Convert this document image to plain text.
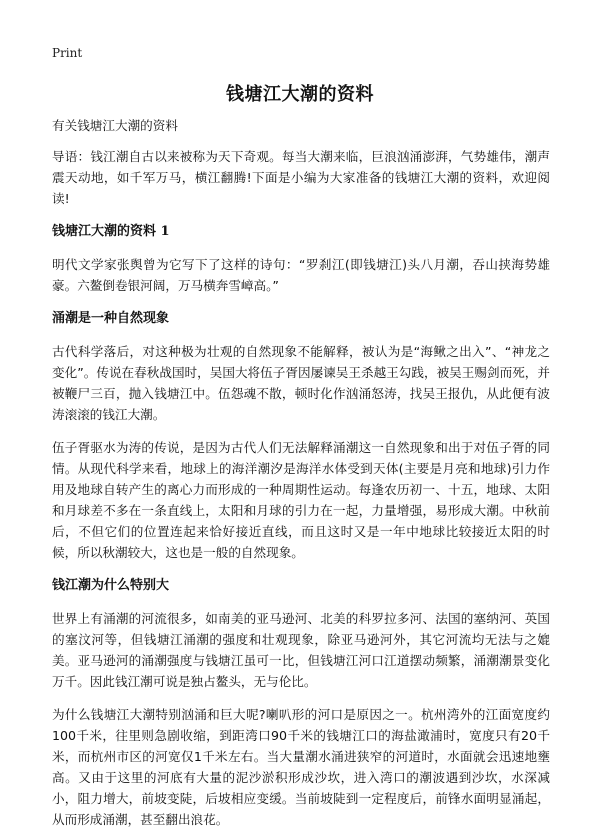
Print
钱塘江大潮的资料

有关钱塘江大潮的资料

导语：钱江潮自古以来被称为天下奇观。每当大潮来临，巨浪汹涌澎湃，气势雄伟，潮声震天动地，如千军万马，横江翻腾!下面是小编为大家准备的钱塘江大潮的资料，欢迎阅读!

钱塘江大潮的资料 1

明代文学家张舆曾为它写下了这样的诗句：“罗刹江(即钱塘江)头八月潮，吞山挟海势雄豪。六鳌倒卷银河阔，万马横奔雪嶂高。”

涌潮是一种自然现象

古代科学落后，对这种极为壮观的自然现象不能解释，被认为是“海鳅之出入”、“神龙之变化”。传说在春秋战国时，吴国大将伍子胥因屡谏吴王杀越王勾践，被吴王赐剑而死，并被鞭尸三百，抛入钱塘江中。伍怨魂不散，顿时化作汹涌怒涛，找吴王报仇，从此便有波涛滚滚的钱江大潮。

伍子胥驱水为涛的传说，是因为古代人们无法解释涌潮这一自然现象和出于对伍子胥的同情。从现代科学来看，地球上的海洋潮汐是海洋水体受到天体(主要是月亮和地球)引力作用及地球自转产生的离心力而形成的一种周期性运动。每逢农历初一、十五，地球、太阳和月球差不多在一条直线上，太阳和月球的引力在一起，力量增强，易形成大潮。中秋前后，不但它们的位置连起来恰好接近直线，而且这时又是一年中地球比较接近太阳的时候，所以秋潮较大，这也是一般的自然现象。

钱江潮为什么特别大

世界上有涌潮的河流很多，如南美的亚马逊河、北美的科罗拉多河、法国的塞纳河、英国的塞汶河等，但钱塘江涌潮的强度和壮观现象，除亚马逊河外，其它河流均无法与之媲美。亚马逊河的涌潮强度与钱塘江虽可一比，但钱塘江河口江道摆动频繁，涌潮潮景变化万千。因此钱江潮可说是独占鳌头，无与伦比。

为什么钱塘江大潮特别汹涌和巨大呢?喇叭形的河口是原因之一。杭州湾外的江面宽度约100千米，往里则急剧收缩，到距湾口90千米的钱塘江口的海盐澉浦时，宽度只有20千米，而杭州市区的河宽仅1千米左右。当大量潮水涌进狭窄的河道时，水面就会迅速地壅高。又由于这里的河底有大量的泥沙淤积形成沙坎，进入湾口的潮波遇到沙坎，水深减小，阻力增大，前坡变陡，后坡相应变缓。当前坡陡到一定程度后，前锋水面明显涌起，从而形成涌潮，甚至翻出浪花。
